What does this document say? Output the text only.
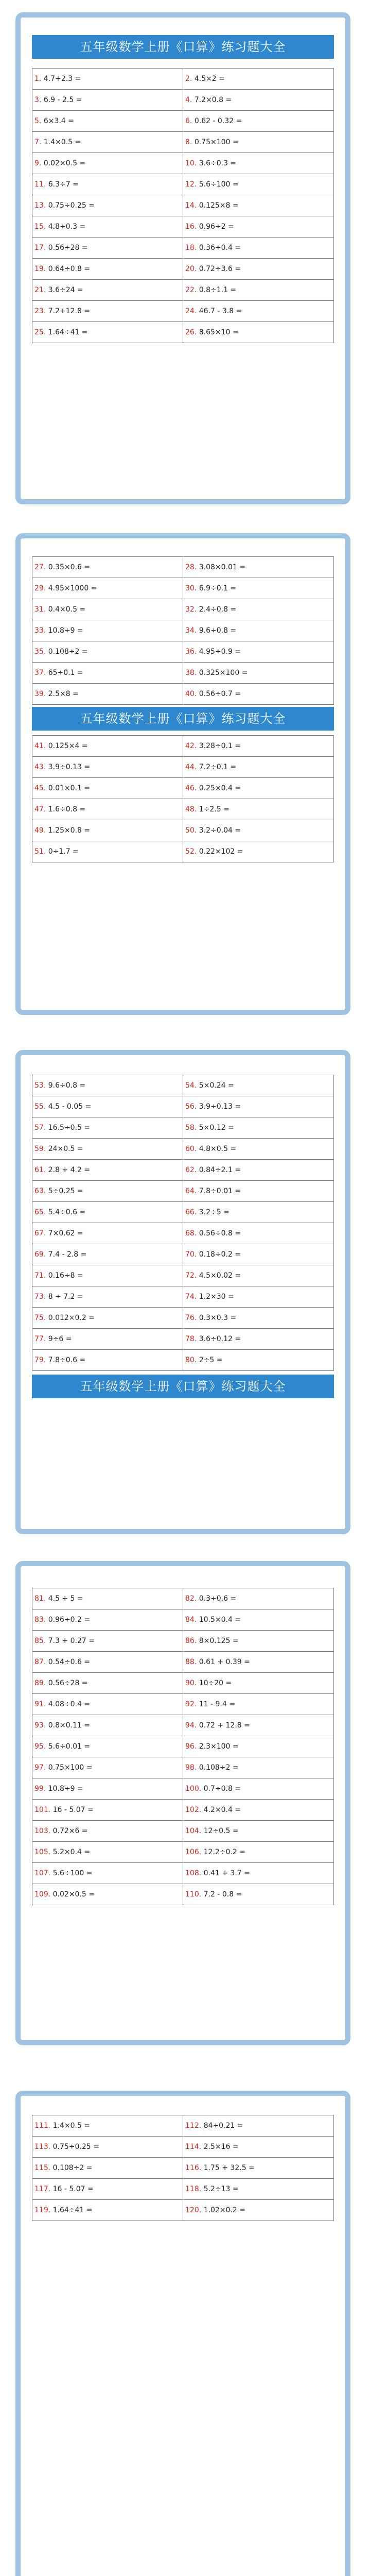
五年级数学上册《口算》练习题大全
1. 4.7+2.3 =	2. 4.5×2 =
3. 6.9 - 2.5 =	4. 7.2×0.8 =
5. 6×3.4 =	6. 0.62 - 0.32 =
7. 1.4×0.5 =	8. 0.75×100 =
9. 0.02×0.5 =	10. 3.6÷0.3 =
11. 6.3÷7 =	12. 5.6÷100 =
13. 0.75÷0.25 =	14. 0.125×8 =
15. 4.8÷0.3 =	16. 0.96÷2 =
17. 0.56÷28 =	18. 0.36÷0.4 =
19. 0.64÷0.8 =	20. 0.72÷3.6 =
21. 3.6÷24 =	22. 0.8÷1.1 =
23. 7.2+12.8 =	24. 46.7 - 3.8 =
25. 1.64÷41 =	26. 8.65×10 =
27. 0.35×0.6 =	28. 3.08×0.01 =
29. 4.95×1000 =	30. 6.9÷0.1 =
31. 0.4×0.5 =	32. 2.4÷0.8 =
33. 10.8÷9 =	34. 9.6÷0.8 =
35. 0.108÷2 =	36. 4.95÷0.9 =
37. 65÷0.1 =	38. 0.325×100 =
39. 2.5×8 =	40. 0.56÷0.7 =
五年级数学上册《口算》练习题大全
41. 0.125×4 =	42. 3.28÷0.1 =
43. 3.9÷0.13 =	44. 7.2÷0.1 =
45. 0.01×0.1 =	46. 0.25×0.4 =
47. 1.6÷0.8 =	48. 1÷2.5 =
49. 1.25×0.8 =	50. 3.2÷0.04 =
51. 0÷1.7 =	52. 0.22×102 =
53. 9.6÷0.8 =	54. 5×0.24 =
55. 4.5 - 0.05 =	56. 3.9÷0.13 =
57. 16.5÷0.5 =	58. 5×0.12 =
59. 24×0.5 =	60. 4.8×0.5 =
61. 2.8 + 4.2 =	62. 0.84÷2.1 =
63. 5÷0.25 =	64. 7.8÷0.01 =
65. 5.4÷0.6 =	66. 3.2÷5 =
67. 7×0.62 =	68. 0.56÷0.8 =
69. 7.4 - 2.8 =	70. 0.18÷0.2 =
71. 0.16÷8 =	72. 4.5×0.02 =
73. 8 ÷ 7.2 =	74. 1.2×30 =
75. 0.012×0.2 =	76. 0.3×0.3 =
77. 9÷6 =	78. 3.6÷0.12 =
79. 7.8÷0.6 =	80. 2÷5 =
五年级数学上册《口算》练习题大全
81. 4.5 + 5 =	82. 0.3÷0.6 =
83. 0.96÷0.2 =	84. 10.5×0.4 =
85. 7.3 + 0.27 =	86. 8×0.125 =
87. 0.54÷0.6 =	88. 0.61 + 0.39 =
89. 0.56÷28 =	90. 10÷20 =
91. 4.08÷0.4 =	92. 11 - 9.4 =
93. 0.8×0.11 =	94. 0.72 + 12.8 =
95. 5.6÷0.01 =	96. 2.3×100 =
97. 0.75×100 =	98. 0.108÷2 =
99. 10.8÷9 =	100. 0.7÷0.8 =
101. 16 - 5.07 =	102. 4.2×0.4 =
103. 0.72×6 =	104. 12÷0.5 =
105. 5.2×0.4 =	106. 12.2÷0.2 =
107. 5.6÷100 =	108. 0.41 + 3.7 =
109. 0.02×0.5 =	110. 7.2 - 0.8 =
111. 1.4×0.5 =	112. 84÷0.21 =
113. 0.75÷0.25 =	114. 2.5×16 =
115. 0.108÷2 =	116. 1.75 + 32.5 =
117. 16 - 5.07 =	118. 5.2÷13 =
119. 1.64÷41 =	120. 1.02×0.2 =
